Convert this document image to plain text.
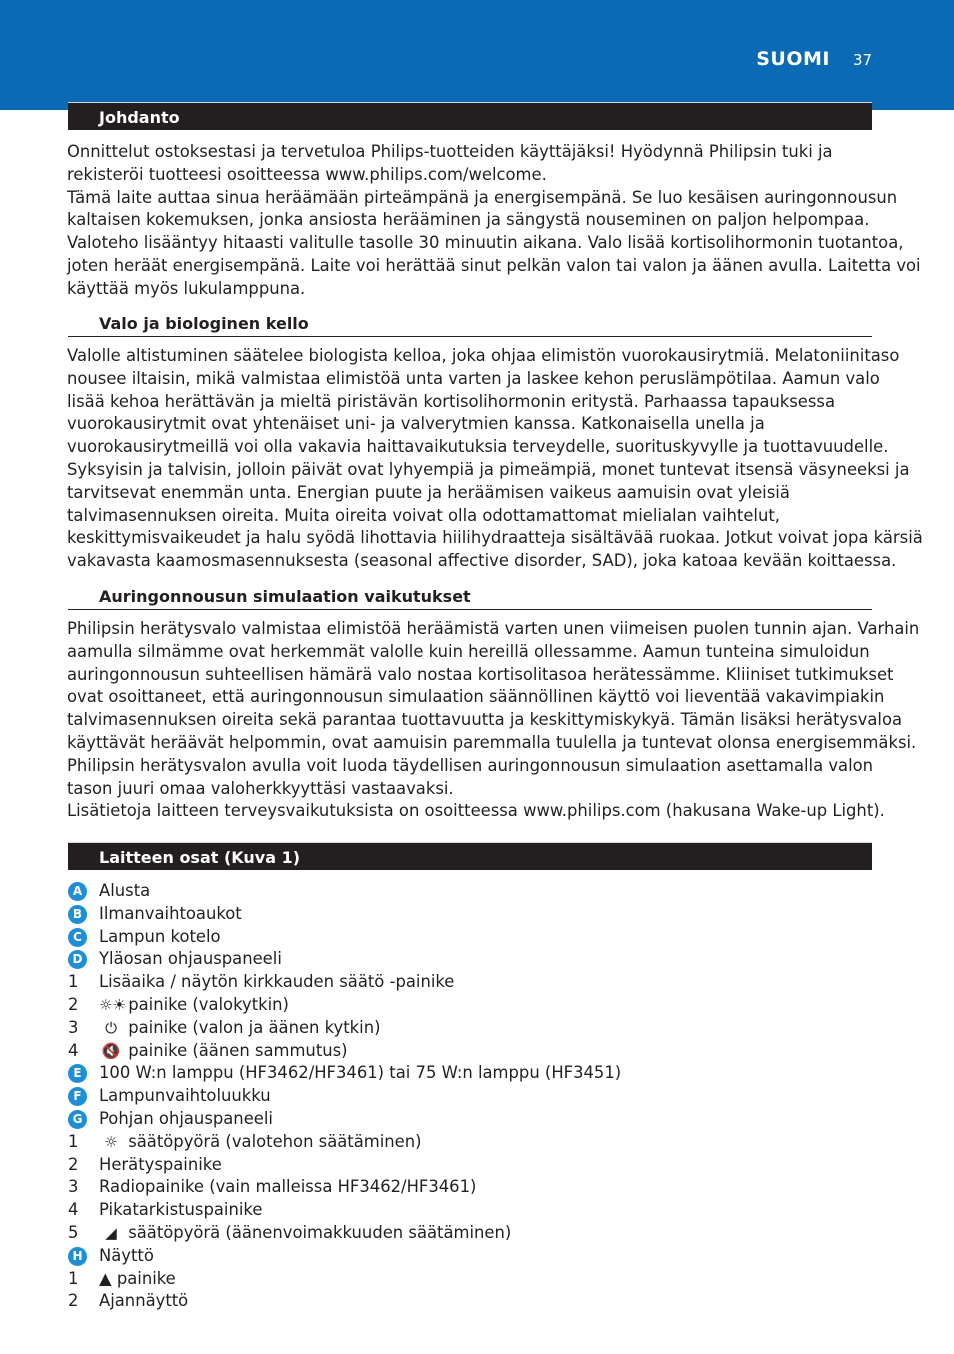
SUOMI 37
Johdanto
Onnittelut ostoksestasi ja tervetuloa Philips-tuotteiden käyttäjäksi! Hyödynnä Philipsin tuki ja
rekisteröi tuotteesi osoitteessa www.philips.com/welcome.
Tämä laite auttaa sinua heräämään pirteämpänä ja energisempänä. Se luo kesäisen auringonnousun
kaltaisen kokemuksen, jonka ansiosta herääminen ja sängystä nouseminen on paljon helpompaa.
Valoteho lisääntyy hitaasti valitulle tasolle 30 minuutin aikana. Valo lisää kortisolihormonin tuotantoa,
joten heräät energisempänä. Laite voi herättää sinut pelkän valon tai valon ja äänen avulla. Laitetta voi
käyttää myös lukulamppuna.
Valo ja biologinen kello
Valolle altistuminen säätelee biologista kelloa, joka ohjaa elimistön vuorokausirytmiä. Melatoniinitaso
nousee iltaisin, mikä valmistaa elimistöä unta varten ja laskee kehon peruslämpötilaa. Aamun valo
lisää kehoa herättävän ja mieltä piristävän kortisolihormonin eritystä. Parhaassa tapauksessa
vuorokausirytmit ovat yhtenäiset uni- ja valverytmien kanssa. Katkonaisella unella ja
vuorokausirytmeillä voi olla vakavia haittavaikutuksia terveydelle, suorituskyvylle ja tuottavuudelle.
Syksyisin ja talvisin, jolloin päivät ovat lyhyempiä ja pimeämpiä, monet tuntevat itsensä väsyneeksi ja
tarvitsevat enemmän unta. Energian puute ja heräämisen vaikeus aamuisin ovat yleisiä
talvimasennuksen oireita. Muita oireita voivat olla odottamattomat mielialan vaihtelut,
keskittymisvaikeudet ja halu syödä lihottavia hiilihydraatteja sisältävää ruokaa. Jotkut voivat jopa kärsiä
vakavasta kaamosmasennuksesta (seasonal affective disorder, SAD), joka katoaa kevään koittaessa.
Auringonnousun simulaation vaikutukset
Philipsin herätysvalo valmistaa elimistöä heräämistä varten unen viimeisen puolen tunnin ajan. Varhain
aamulla silmämme ovat herkemmät valolle kuin hereillä ollessamme. Aamun tunteina simuloidun
auringonnousun suhteellisen hämärä valo nostaa kortisolitasoa herätessämme. Kliiniset tutkimukset
ovat osoittaneet, että auringonnousun simulaation säännöllinen käyttö voi lieventää vakavimpiakin
talvimasennuksen oireita sekä parantaa tuottavuutta ja keskittymiskykyä. Tämän lisäksi herätysvaloa
käyttävät heräävät helpommin, ovat aamuisin paremmalla tuulella ja tuntevat olonsa energisemmäksi.
Philipsin herätysvalon avulla voit luoda täydellisen auringonnousun simulaation asettamalla valon
tason juuri omaa valoherkkyyttäsi vastaavaksi.
Lisätietoja laitteen terveysvaikutuksista on osoitteessa www.philips.com (hakusana Wake-up Light).
Laitteen osat (Kuva 1)
A Alusta
B	Ilmanvaihtoaukot
C	Lampun kotelo
D Yläosan ohjauspaneeli
1 Lisäaika / näytön kirkkauden säätö -painike
2 ☼☀ painike (valokytkin)
3	⏻ painike (valon ja äänen kytkin)
4 🔇 painike (äänen sammutus)
E	100 W:n lamppu (HF3462/HF3461) tai 75 W:n lamppu (HF3451)
F	Lampunvaihtoluukku
G Pohjan ohjauspaneeli
1	☼ säätöpyörä (valotehon säätäminen)
2 Herätyspainike
3 Radiopainike (vain malleissa HF3462/HF3461)
4 Pikatarkistuspainike
5	◢ säätöpyörä (äänenvoimakkuuden säätäminen)
H Näyttö
1 ▲ painike
2 Ajannäyttö
